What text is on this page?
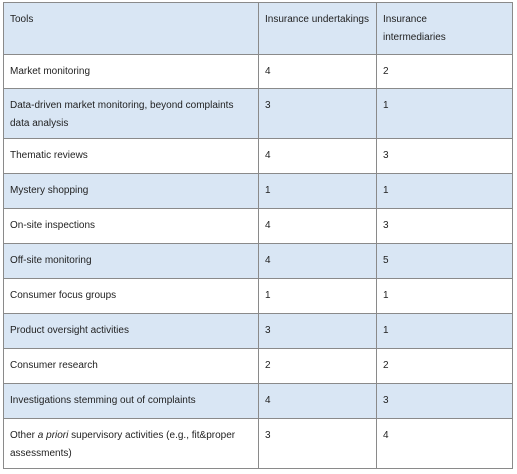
Tools	Insurance undertakings	Insurance intermediaries
Market monitoring	4	2
Data-driven market monitoring, beyond complaints data analysis	3	1
Thematic reviews	4	3
Mystery shopping	1	1
On-site inspections	4	3
Off-site monitoring	4	5
Consumer focus groups	1	1
Product oversight activities	3	1
Consumer research	2	2
Investigations stemming out of complaints	4	3
Other a priori supervisory activities (e.g., fit&proper assessments)	3	4
